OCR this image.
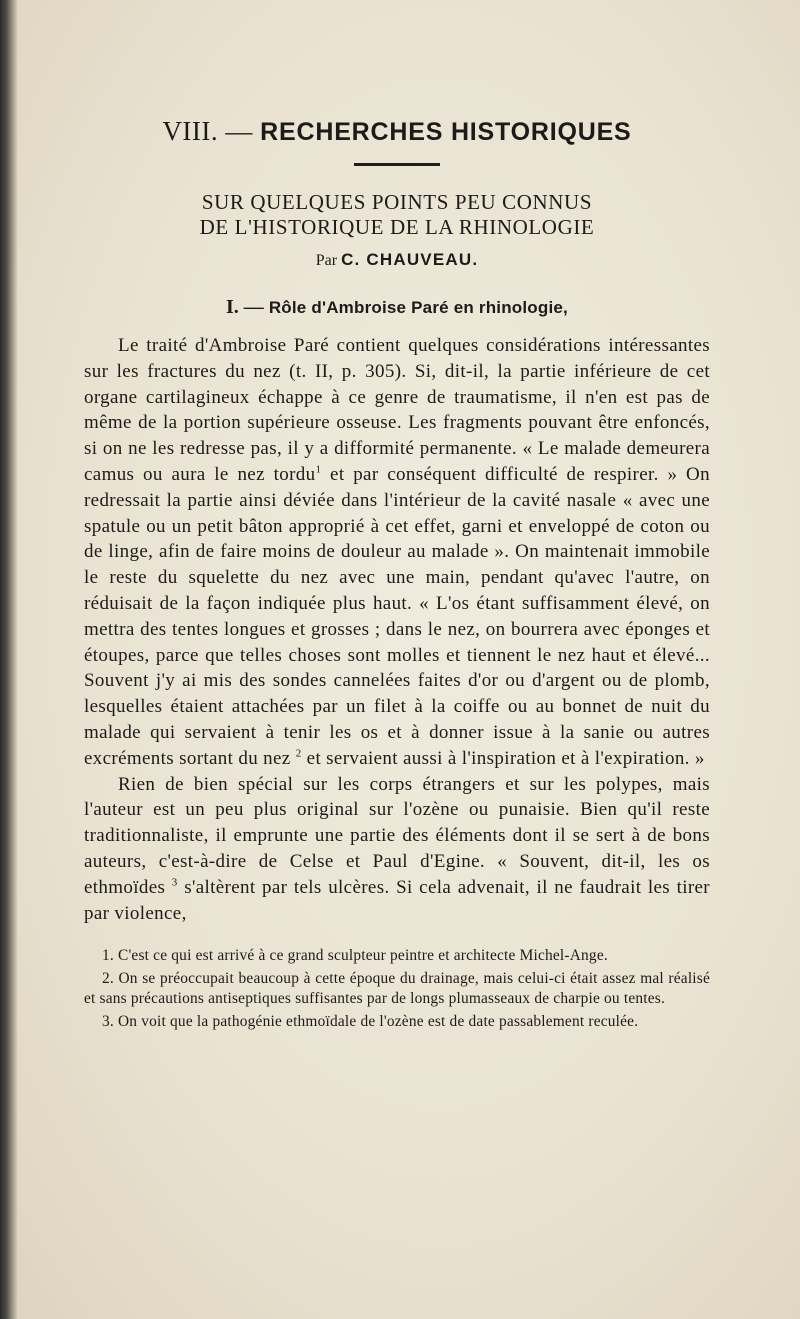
VIII. — RECHERCHES HISTORIQUES
SUR QUELQUES POINTS PEU CONNUS
DE L'HISTORIQUE DE LA RHINOLOGIE
Par C. CHAUVEAU.
I. — Rôle d'Ambroise Paré en rhinologie,

Le traité d'Ambroise Paré contient quelques considérations intéressantes sur les fractures du nez (t. II, p. 305). Si, dit-il, la partie inférieure de cet organe cartilagineux échappe à ce genre de traumatisme, il n'en est pas de même de la portion supérieure osseuse. Les fragments pouvant être enfoncés, si on ne les redresse pas, il y a difformité permanente. « Le malade demeurera camus ou aura le nez tordu$^1$ et par conséquent difficulté de respirer. » On redressait la partie ainsi déviée dans l'intérieur de la cavité nasale « avec une spatule ou un petit bâton approprié à cet effet, garni et enveloppé de coton ou de linge, afin de faire moins de douleur au malade ». On maintenait immobile le reste du squelette du nez avec une main, pendant qu'avec l'autre, on réduisait de la façon indiquée plus haut. « L'os étant suffisamment élevé, on mettra des tentes longues et grosses ; dans le nez, on bourrera avec éponges et étoupes, parce que telles choses sont molles et tiennent le nez haut et élevé... Souvent j'y ai mis des sondes cannelées faites d'or ou d'argent ou de plomb, lesquelles étaient attachées par un filet à la coiffe ou au bonnet de nuit du malade qui servaient à tenir les os et à donner issue à la sanie ou autres excréments sortant du nez $^2$ et servaient aussi à l'inspiration et à l'expiration. »

Rien de bien spécial sur les corps étrangers et sur les polypes, mais l'auteur est un peu plus original sur l'ozène ou punaisie. Bien qu'il reste traditionnaliste, il emprunte une partie des éléments dont il se sert à de bons auteurs, c'est-à-dire de Celse et Paul d'Egine. « Souvent, dit-il, les os ethmoïdes $^3$ s'altèrent par tels ulcères. Si cela advenait, il ne faudrait les tirer par violence,

1. C'est ce qui est arrivé à ce grand sculpteur peintre et architecte Michel-Ange.

2. On se préoccupait beaucoup à cette époque du drainage, mais celui-ci était assez mal réalisé et sans précautions antiseptiques suffisantes par de longs plumasseaux de charpie ou tentes.

3. On voit que la pathogénie ethmoïdale de l'ozène est de date passablement reculée.
